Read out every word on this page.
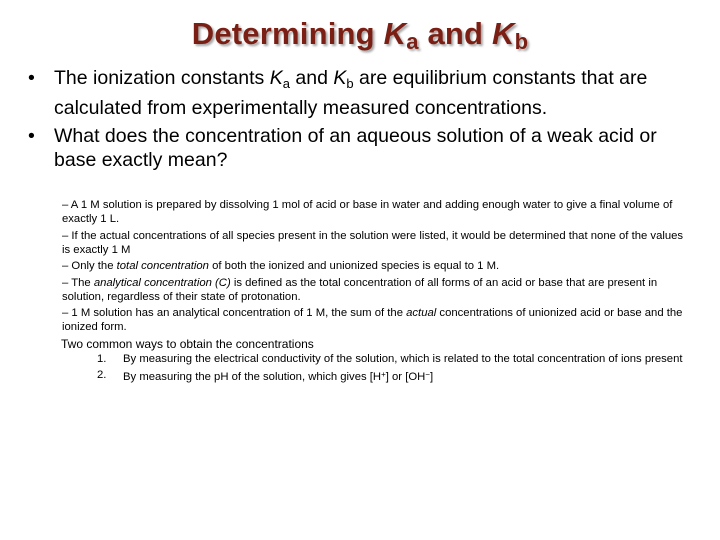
Determining $K_a$ and $K_b$
• The ionization constants $K_a$ and $K_b$ are equilibrium constants that are calculated from experimentally measured concentrations.
• What does the concentration of an aqueous solution of a weak acid or base exactly mean?

– A 1 M solution is prepared by dissolving 1 mol of acid or base in water and adding enough water to give a final volume of exactly 1 L.

– If the actual concentrations of all species present in the solution were listed, it would be determined that none of the values is exactly 1 M

– Only the total concentration of both the ionized and unionized species is equal to 1 M.

– The analytical concentration (C) is defined as the total concentration of all forms of an acid or base that are present in solution, regardless of their state of protonation.

– 1 M solution has an analytical concentration of 1 M, the sum of the actual concentrations of unionized acid or base and the ionized form.

Two common ways to obtain the concentrations
1. By measuring the electrical conductivity of the solution, which is related to the total concentration of ions present
2. By measuring the pH of the solution, which gives [H+] or [OH−]
